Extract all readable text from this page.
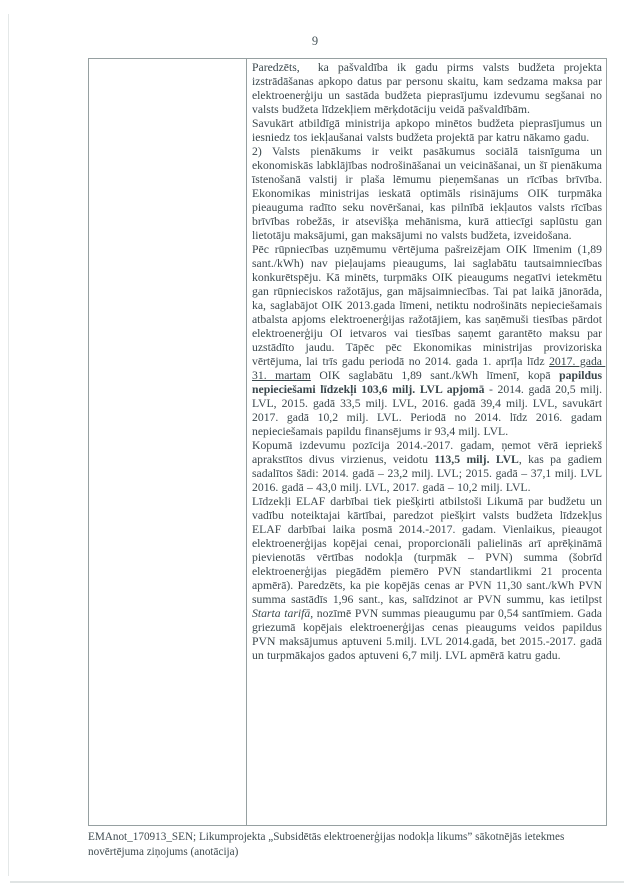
9
Paredzēts,  ka pašvaldība ik gadu pirms valsts budžeta projekta izstrādāšanas apkopo datus par personu skaitu, kam sedzama maksa par elektroenerģiju un sastāda budžeta pieprasījumu izdevumu segšanai no valsts budžeta līdzekļiem mērķdotāciju veidā pašvaldībām.
Savukārt atbildīgā ministrija apkopo minētos budžeta pieprasījumus un iesniedz tos iekļaušanai valsts budžeta projektā par katru nākamo gadu.
2) Valsts pienākums ir veikt pasākumus sociālā taisnīguma un ekonomiskās labklājības nodrošināšanai un veicināšanai, un šī pienākuma īstenošanā valstij ir plaša lēmumu pieņemšanas un rīcības brīvība. Ekonomikas ministrijas ieskatā optimāls risinājums OIK turpmāka pieauguma radīto seku novēršanai, kas pilnībā iekļautos valsts rīcības brīvības robežās, ir atsevišķa mehānisma, kurā attiecīgi saplūstu gan lietotāju maksājumi, gan maksājumi no valsts budžeta, izveidošana.
Pēc rūpniecības uzņēmumu vērtējuma pašreizējam OIK līmenim (1,89 sant./kWh) nav pieļaujams pieaugums, lai saglabātu tautsaimniecības konkurētspēju. Kā minēts, turpmāks OIK pieaugums negatīvi ietekmētu gan rūpnieciskos ražotājus, gan mājsaimniecības. Tai pat laikā jānorāda, ka, saglabājot OIK 2013.gada līmeni, netiktu nodrošināts nepieciešamais atbalsta apjoms elektroenerģijas ražotājiem, kas saņēmuši tiesības pārdot elektroenerģiju OI ietvaros vai tiesības saņemt garantēto maksu par uzstādīto jaudu. Tāpēc pēc Ekonomikas ministrijas provizoriska vērtējuma, lai trīs gadu periodā no 2014. gada 1. aprīļa līdz 2017. gada 31. martam OIK saglabātu 1,89 sant./kWh līmenī, kopā papildus nepieciešami līdzekļi 103,6 milj. LVL apjomā - 2014. gadā 20,5 milj. LVL, 2015. gadā 33,5 milj. LVL, 2016. gadā 39,4 milj. LVL, savukārt 2017. gadā 10,2 milj. LVL. Periodā no 2014. līdz 2016. gadam nepieciešamais papildu finansējums ir 93,4 milj. LVL.
Kopumā izdevumu pozīcija 2014.-2017. gadam, ņemot vērā iepriekš aprakstītos divus virzienus, veidotu 113,5 milj. LVL, kas pa gadiem sadalītos šādi: 2014. gadā – 23,2 milj. LVL; 2015. gadā – 37,1 milj. LVL 2016. gadā – 43,0 milj. LVL, 2017. gadā – 10,2 milj. LVL.
Līdzekļi ELAF darbībai tiek piešķirti atbilstoši Likumā par budžetu un vadību noteiktajai kārtībai, paredzot piešķirt valsts budžeta līdzekļus ELAF darbībai laika posmā 2014.-2017. gadam. Vienlaikus, pieaugot elektroenerģijas kopējai cenai, proporcionāli palielinās arī aprēķināmā pievienotās vērtības nodokļa (turpmāk – PVN) summa (šobrīd elektroenerģijas piegādēm piemēro PVN standartlikmi 21 procenta apmērā). Paredzēts, ka pie kopējās cenas ar PVN 11,30 sant./kWh PVN summa sastādīs 1,96 sant., kas, salīdzinot ar PVN summu, kas ietilpst Starta tarifā, nozīmē PVN summas pieaugumu par 0,54 santīmiem. Gada griezumā kopējais elektroenerģijas cenas pieaugums veidos papildus PVN maksājumus aptuveni 5.milj. LVL 2014.gadā, bet 2015.-2017. gadā un turpmākajos gados aptuveni 6,7 milj. LVL apmērā katru gadu.
EMAnot_170913_SEN; Likumprojekta „Subsidētās elektroenerģijas nodokļa likums” sākotnējās ietekmes novērtējuma ziņojums (anotācija)
